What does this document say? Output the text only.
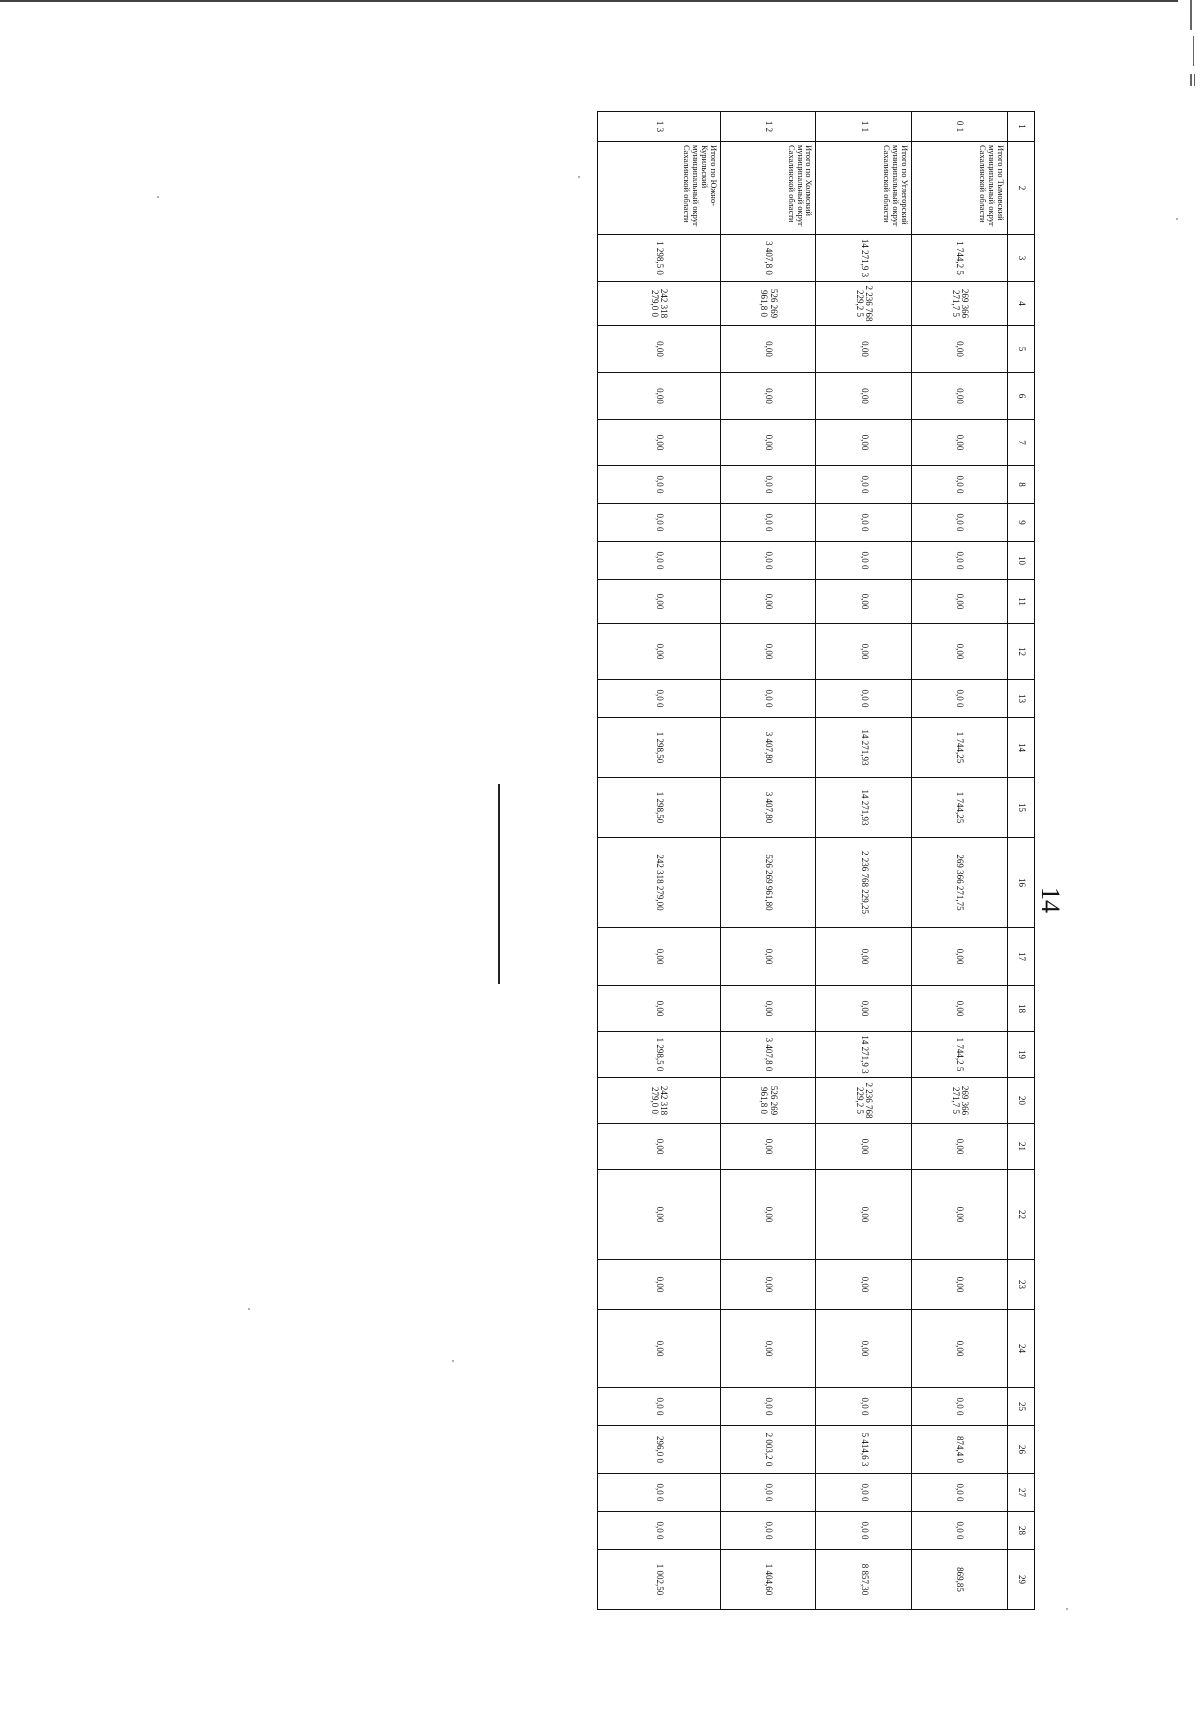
14
1	2	3	4	5	6	7	8	9	10	11	12	13	14	15	16	17	18	19	20	21	22	23	24	25	26	27	28	29
0 1	Итого по Тымовский муниципальный округ Сахалинской области	1 744,2 5	269 366 271,7 5	0,00	0,00	0,00	0,0 0	0,0 0	0,0 0	0,00	0,00	0,0 0	1 744,25	1 744,25	269 366 271,75	0,00	0,00	1 744,2 5	269 366 271,7 5	0,00	0,00	0,00	0,00	0,0 0	874,4 0	0,0 0	0,0 0	869,85
1 1	Итого по Углегорский муниципальный округ Сахалинской области	14 271,9 3	2 236 768 229,2 5	0,00	0,00	0,00	0,0 0	0,0 0	0,0 0	0,00	0,00	0,0 0	14 271,93	14 271,93	2 236 768 229,25	0,00	0,00	14 271,9 3	2 236 768 229,2 5	0,00	0,00	0,00	0,00	0,0 0	5 414,6 3	0,0 0	0,0 0	8 857,30
1 2	Итого по Холмский муниципальный округ Сахалинской области	3 407,8 0	526 269 961,8 0	0,00	0,00	0,00	0,0 0	0,0 0	0,0 0	0,00	0,00	0,0 0	3 407,80	3 407,80	526 269 961,80	0,00	0,00	3 407,8 0	526 269 961,8 0	0,00	0,00	0,00	0,00	0,0 0	2 003,2 0	0,0 0	0,0 0	1 404,60
1 3	Итого по Южно-Курильский муниципальный округ Сахалинской области	1 298,5 0	242 318 279,0 0	0,00	0,00	0,00	0,0 0	0,0 0	0,0 0	0,00	0,00	0,0 0	1 298,50	1 298,50	242 318 279,00	0,00	0,00	1 298,5 0	242 318 279,0 0	0,00	0,00	0,00	0,00	0,0 0	296,0 0	0,0 0	0,0 0	1 002,50
